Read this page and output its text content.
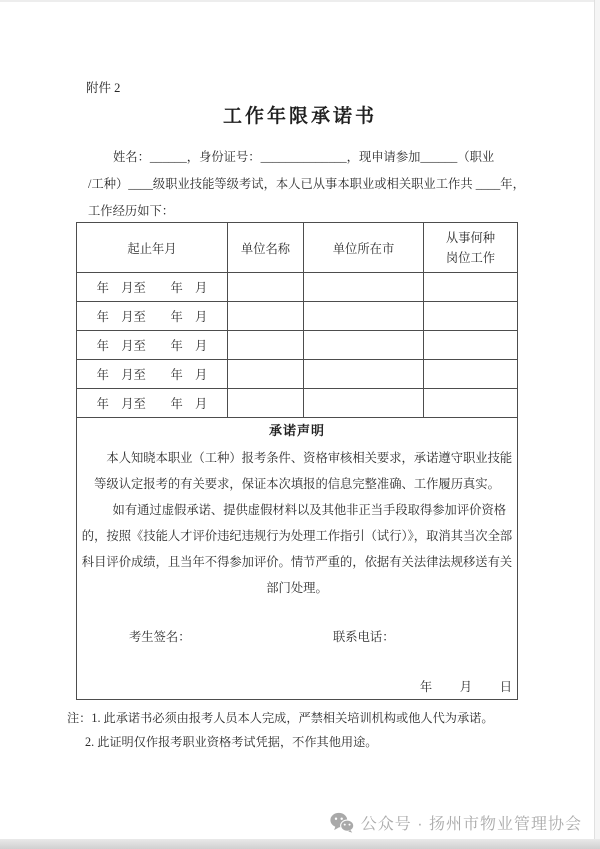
附件 2
工作年限承诺书
姓名：______，身份证号：______________，现申请参加______（职业
/工种）____级职业技能等级考试，本人已从事本职业或相关职业工作共 ____年，
工作经历如下：
起止年月	单位名称	单位所在市	从事何种
岗位工作

年　月至　　年　月			
年　月至　　年　月			
年　月至　　年　月			
年　月至　　年　月			
年　月至　　年　月			

承诺声明

本人知晓本职业（工种）报考条件、资格审核相关要求，承诺遵守职业技能等级认定报考的有关要求，保证本次填报的信息完整准确、工作履历真实。

如有通过虚假承诺、提供虚假材料以及其他非正当手段取得参加评价资格的，按照《技能人才评价违纪违规行为处理工作指引（试行）》，取消其当次全部科目评价成绩，且当年不得参加评价。情节严重的，依据有关法律法规移送有关部门处理。

考生签名：	联系电话：
年　　月　　日
注：1. 此承诺书必须由报考人员本人完成，严禁相关培训机构或他人代为承诺。
2. 此证明仅作报考职业资格考试凭据，不作其他用途。
公众号 · 扬州市物业管理协会
